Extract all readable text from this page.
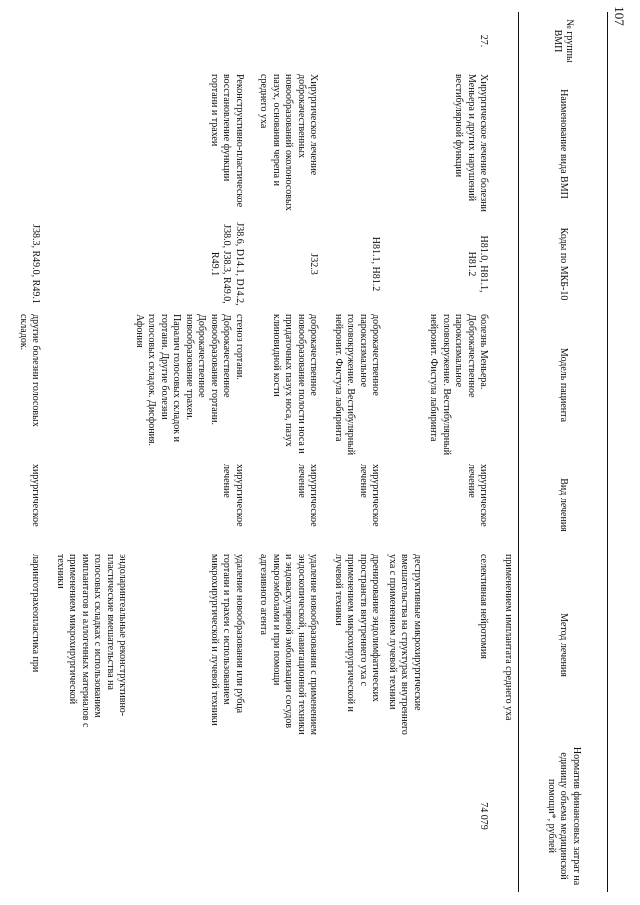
107
№ группы ВМП	Наименование вида ВМП	Коды по МКБ-10	Модель пациента	Вид лечения	Метод лечения	Норматив финансовых затрат на единицу объема медицинской помощи*, рублей
					применением имплантата среднего уха	
27.	Хирургическое лечение болезни Меньера и других нарушений вестибулярной функции	H81.0, H81.1, H81.2	болезнь Меньера. Доброкачественное пароксизмальное головокружение. Вестибулярный нейронит. Фистула лабиринта	хирургическое лечение	селективная нейротомия	74 079
					деструктивные микрохирургические вмешательства на структурах внутреннего уха с применением лучевой техники	
		H81.1, H81.2	доброкачественное пароксизмальное головокружение. Вестибулярный нейронит. Фистула лабиринта	хирургическое лечение	дренирование эндолимфатических пространств внутреннего уха с применением микрохирургической и лучевой техники	
	Хирургическое лечение доброкачественных новообразований околоносовых пазух, основания черепа и среднего уха	J32.3	доброкачественное новообразование полости носа и придаточных пазух носа, пазух клиновидной кости	хирургическое лечение	удаление новообразования с применением эндоскопической, навигационной техники и эндоваскулярной эмболизации сосудов микроэмболами и при помощи адгезивного агента	
	Реконструктивно-пластическое восстановление функции гортани и трахеи	J38.6, D14.1, D14.2, J38.0, J38.3, R49.0, R49.1	стеноз гортани. Доброкачественное новообразование гортани. Доброкачественное новообразование трахеи. Паралич голосовых складок и гортани. Другие болезни голосовых складок. Дисфония. Афония	хирургическое лечение	удаление новообразования или рубца гортани и трахеи с использованием микрохирургической и лучевой техники	
					эндоларингеальные реконструктивно-пластические вмешательства на голосовых складках с использованием имплантатов и аллогенных материалов с применением микрохирургической техники	
		J38.3, R49.0, R49.1	другие болезни голосовых складок.	хирургическое	ларинготрахеопластика при	
